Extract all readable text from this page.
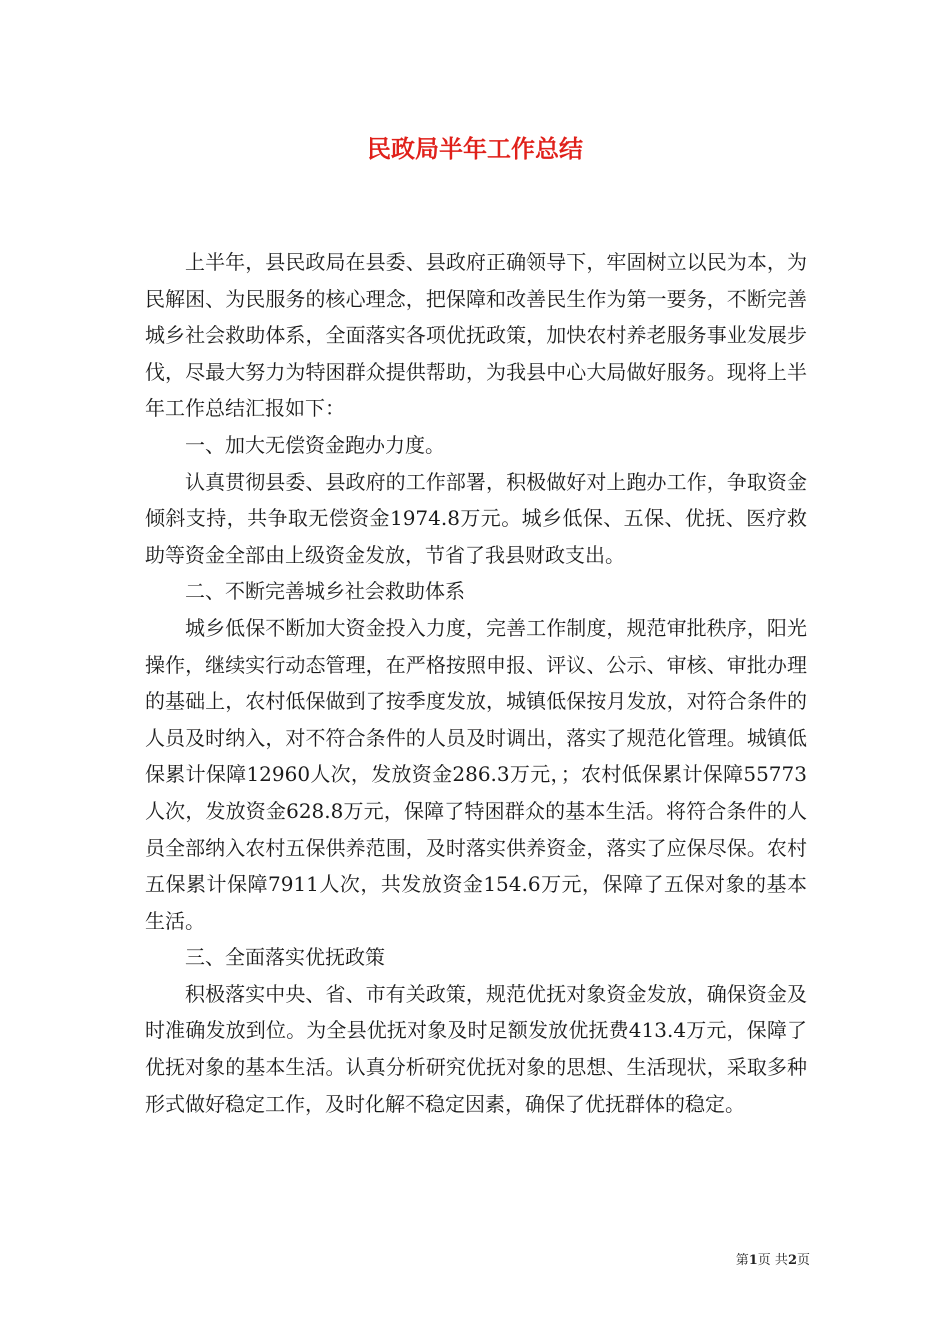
民政局半年工作总结

上半年，县民政局在县委、县政府正确领导下，牢固树立以民为本，为民解困、为民服务的核心理念，把保障和改善民生作为第一要务，不断完善城乡社会救助体系，全面落实各项优抚政策，加快农村养老服务事业发展步伐，尽最大努力为特困群众提供帮助，为我县中心大局做好服务。现将上半年工作总结汇报如下：

一、加大无偿资金跑办力度。

认真贯彻县委、县政府的工作部署，积极做好对上跑办工作，争取资金倾斜支持，共争取无偿资金1974.8万元。城乡低保、五保、优抚、医疗救助等资金全部由上级资金发放，节省了我县财政支出。

二、不断完善城乡社会救助体系

城乡低保不断加大资金投入力度，完善工作制度，规范审批秩序，阳光操作，继续实行动态管理，在严格按照申报、评议、公示、审核、审批办理的基础上，农村低保做到了按季度发放，城镇低保按月发放，对符合条件的人员及时纳入，对不符合条件的人员及时调出，落实了规范化管理。城镇低保累计保障12960人次，发放资金286.3万元，；农村低保累计保障55773人次，发放资金628.8万元，保障了特困群众的基本生活。将符合条件的人员全部纳入农村五保供养范围，及时落实供养资金，落实了应保尽保。农村五保累计保障7911人次，共发放资金154.6万元，保障了五保对象的基本生活。

三、全面落实优抚政策

积极落实中央、省、市有关政策，规范优抚对象资金发放，确保资金及时准确发放到位。为全县优抚对象及时足额发放优抚费413.4万元，保障了优抚对象的基本生活。认真分析研究优抚对象的思想、生活现状，采取多种形式做好稳定工作，及时化解不稳定因素，确保了优抚群体的稳定。

第1页 共2页
